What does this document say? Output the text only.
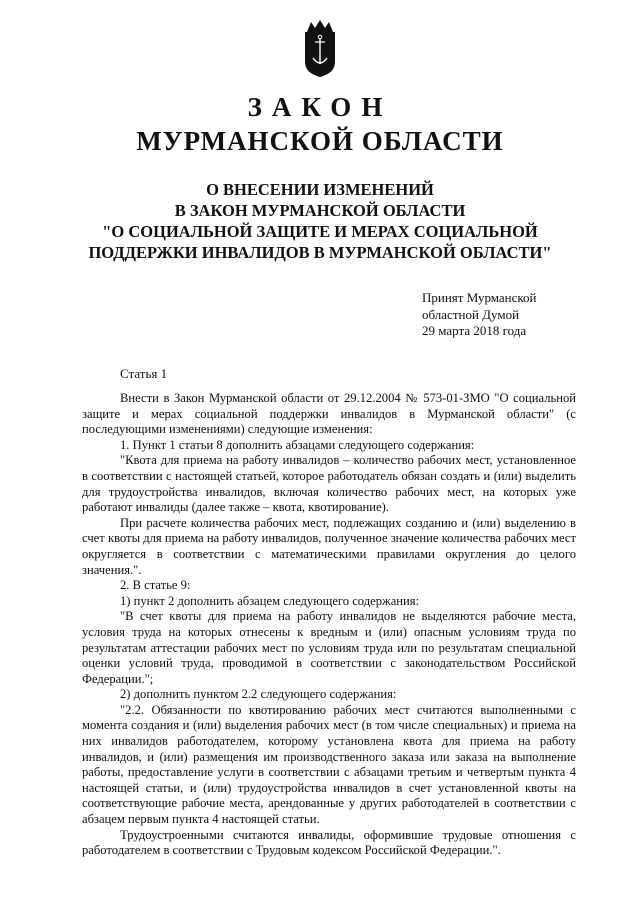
ЗАКОН
МУРМАНСКОЙ ОБЛАСТИ
О ВНЕСЕНИИ ИЗМЕНЕНИЙ
В ЗАКОН МУРМАНСКОЙ ОБЛАСТИ
"О СОЦИАЛЬНОЙ ЗАЩИТЕ И МЕРАХ СОЦИАЛЬНОЙ
ПОДДЕРЖКИ ИНВАЛИДОВ В МУРМАНСКОЙ ОБЛАСТИ"
Принят Мурманской
областной Думой
29 марта 2018 года
Статья 1

Внести в Закон Мурманской области от 29.12.2004 № 573-01-ЗМО "О социальной защите и мерах социальной поддержки инвалидов в Мурманской области" (с последующими изменениями) следующие изменения:

1. Пункт 1 статьи 8 дополнить абзацами следующего содержания:

"Квота для приема на работу инвалидов – количество рабочих мест, установленное в соответствии с настоящей статьей, которое работодатель обязан создать и (или) выделить для трудоустройства инвалидов, включая количество рабочих мест, на которых уже работают инвалиды (далее также – квота, квотирование).

При расчете количества рабочих мест, подлежащих созданию и (или) выделению в счет квоты для приема на работу инвалидов, полученное значение количества рабочих мест округляется в соответствии с математическими правилами округления до целого значения.".

2. В статье 9:

1) пункт 2 дополнить абзацем следующего содержания:

"В счет квоты для приема на работу инвалидов не выделяются рабочие места, условия труда на которых отнесены к вредным и (или) опасным условиям труда по результатам аттестации рабочих мест по условиям труда или по результатам специальной оценки условий труда, проводимой в соответствии с законодательством Российской Федерации.";

2) дополнить пунктом 2.2 следующего содержания:

"2.2. Обязанности по квотированию рабочих мест считаются выполненными с момента создания и (или) выделения рабочих мест (в том числе специальных) и приема на них инвалидов работодателем, которому установлена квота для приема на работу инвалидов, и (или) размещения им производственного заказа или заказа на выполнение работы, предоставление услуги в соответствии с абзацами третьим и четвертым пункта 4 настоящей статьи, и (или) трудоустройства инвалидов в счет установленной квоты на соответствующие рабочие места, арендованные у других работодателей в соответствии с абзацем первым пункта 4 настоящей статьи.

Трудоустроенными считаются инвалиды, оформившие трудовые отношения с работодателем в соответствии с Трудовым кодексом Российской Федерации.".
